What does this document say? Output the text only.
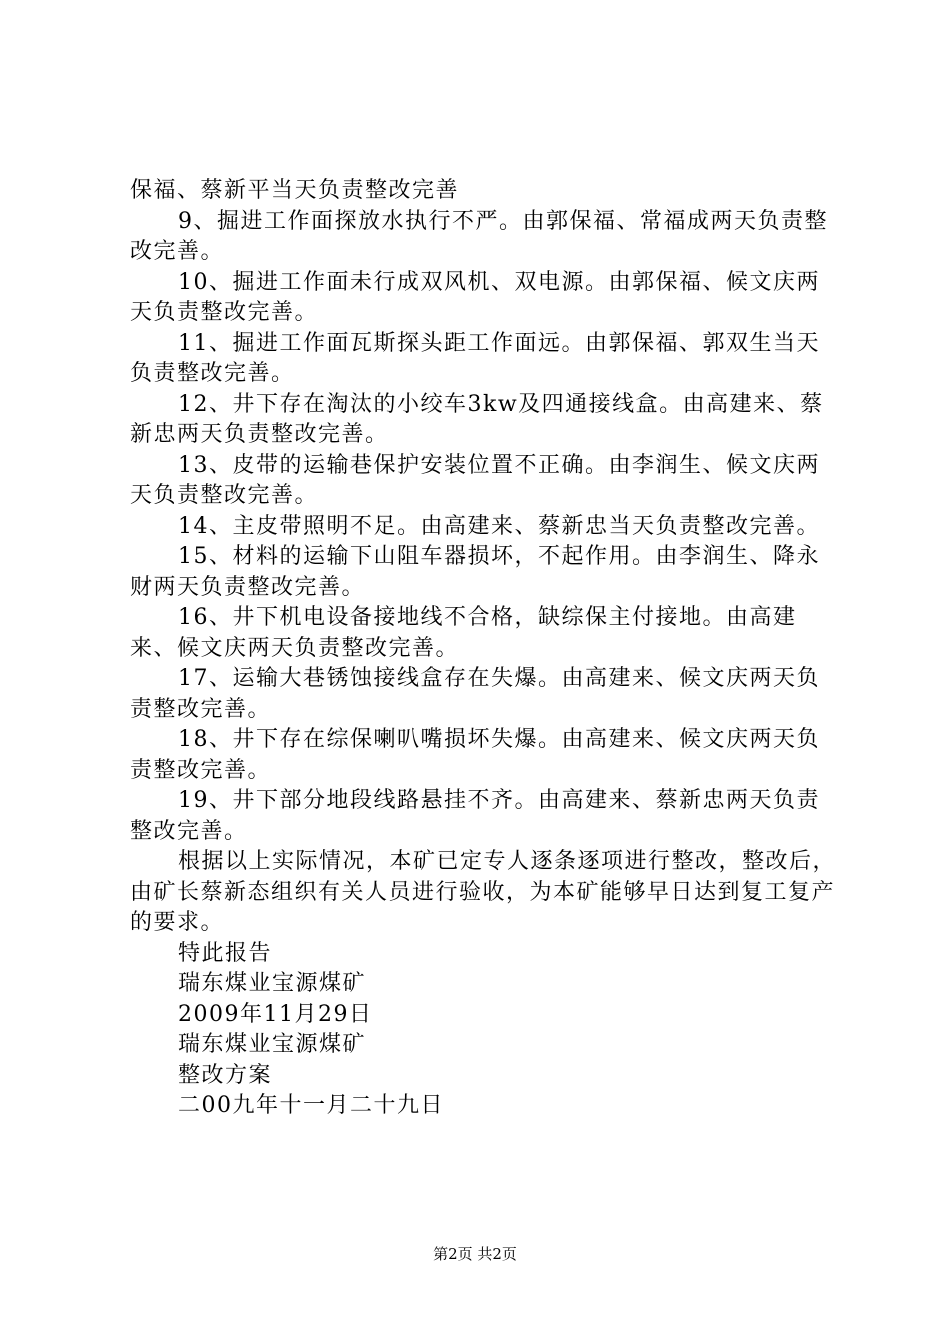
保福、蔡新平当天负责整改完善

9、掘进工作面探放水执行不严。由郭保福、常福成两天负责整改完善。

10、掘进工作面未行成双风机、双电源。由郭保福、候文庆两天负责整改完善。

11、掘进工作面瓦斯探头距工作面远。由郭保福、郭双生当天负责整改完善。

12、井下存在淘汰的小绞车3kw及四通接线盒。由高建来、蔡新忠两天负责整改完善。

13、皮带的运输巷保护安装位置不正确。由李润生、候文庆两天负责整改完善。

14、主皮带照明不足。由高建来、蔡新忠当天负责整改完善。

15、材料的运输下山阻车器损坏，不起作用。由李润生、降永财两天负责整改完善。

16、井下机电设备接地线不合格，缺综保主付接地。由高建来、候文庆两天负责整改完善。

17、运输大巷锈蚀接线盒存在失爆。由高建来、候文庆两天负责整改完善。

18、井下存在综保喇叭嘴损坏失爆。由高建来、候文庆两天负责整改完善。

19、井下部分地段线路悬挂不齐。由高建来、蔡新忠两天负责整改完善。

根据以上实际情况，本矿已定专人逐条逐项进行整改，整改后，由矿长蔡新态组织有关人员进行验收，为本矿能够早日达到复工复产的要求。

特此报告

瑞东煤业宝源煤矿

2009年11月29日

瑞东煤业宝源煤矿

整改方案

二00九年十一月二十九日

第2页 共2页
